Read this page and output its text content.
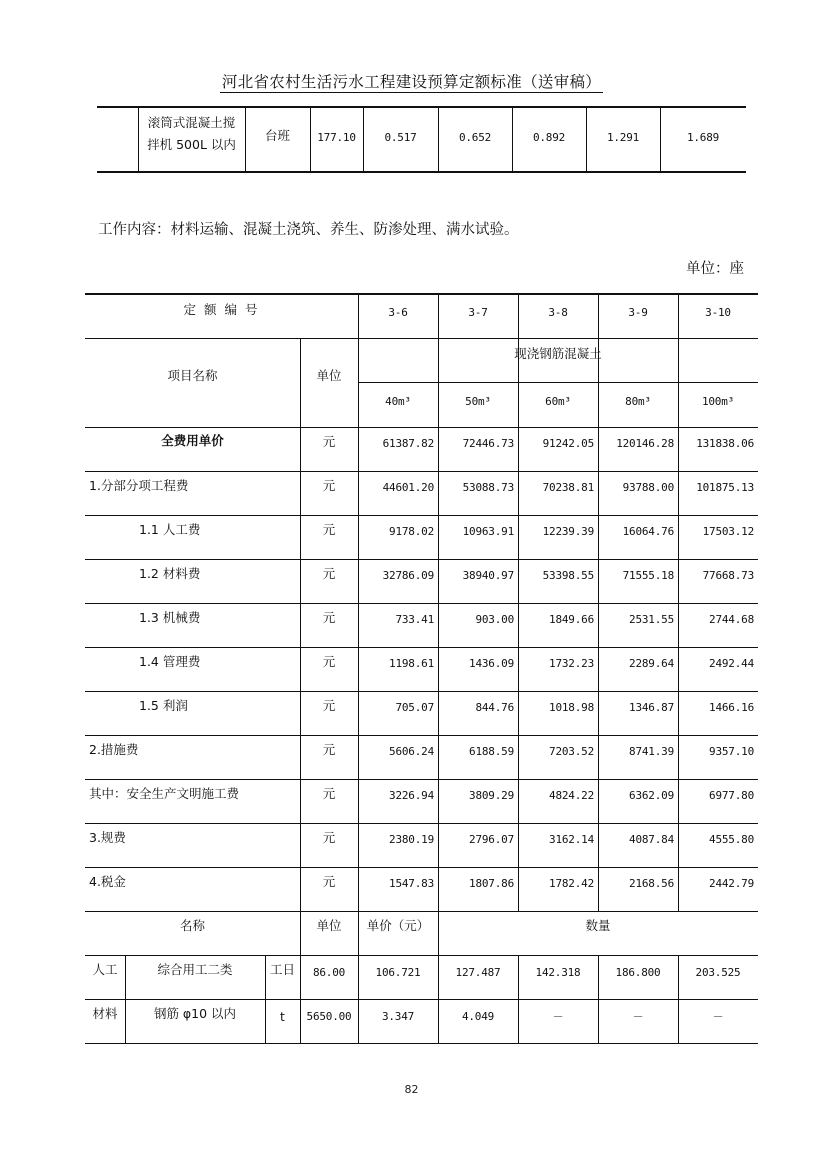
河北省农村生活污水工程建设预算定额标准（送审稿）
滚筒式混凝土搅
拌机 500L 以内
台班	177.10	0.517	0.652	0.892	1.291	1.689
工作内容：材料运输、混凝土浇筑、养生、防渗处理、满水试验。
单位：座
定 额 编 号	3-6	3-7	3-8	3-9	3-10
项目名称	单位
现浇钢筋混凝土
40m³	50m³	60m³	80m³	100m³
全费用单价	元	61387.82	72446.73	91242.05	120146.28	131838.06
1.分部分项工程费	元	44601.20	53088.73	70238.81	93788.00	101875.13
1.1 人工费	元	9178.02	10963.91	12239.39	16064.76	17503.12
1.2 材料费	元	32786.09	38940.97	53398.55	71555.18	77668.73
1.3 机械费	元	733.41	903.00	1849.66	2531.55	2744.68
1.4 管理费	元	1198.61	1436.09	1732.23	2289.64	2492.44
1.5 利润	元	705.07	844.76	1018.98	1346.87	1466.16
2.措施费	元	5606.24	6188.59	7203.52	8741.39	9357.10
其中：安全生产文明施工费	元	3226.94	3809.29	4824.22	6362.09	6977.80
3.规费	元	2380.19	2796.07	3162.14	4087.84	4555.80
4.税金	元	1547.83	1807.86	1782.42	2168.56	2442.79
名称	单位	单价（元）	数量
人工	综合用工二类	工日	86.00	106.721	127.487	142.318	186.800	203.525
材料	钢筋 φ10 以内	t	5650.00	3.347	4.049	－	－	－
82
